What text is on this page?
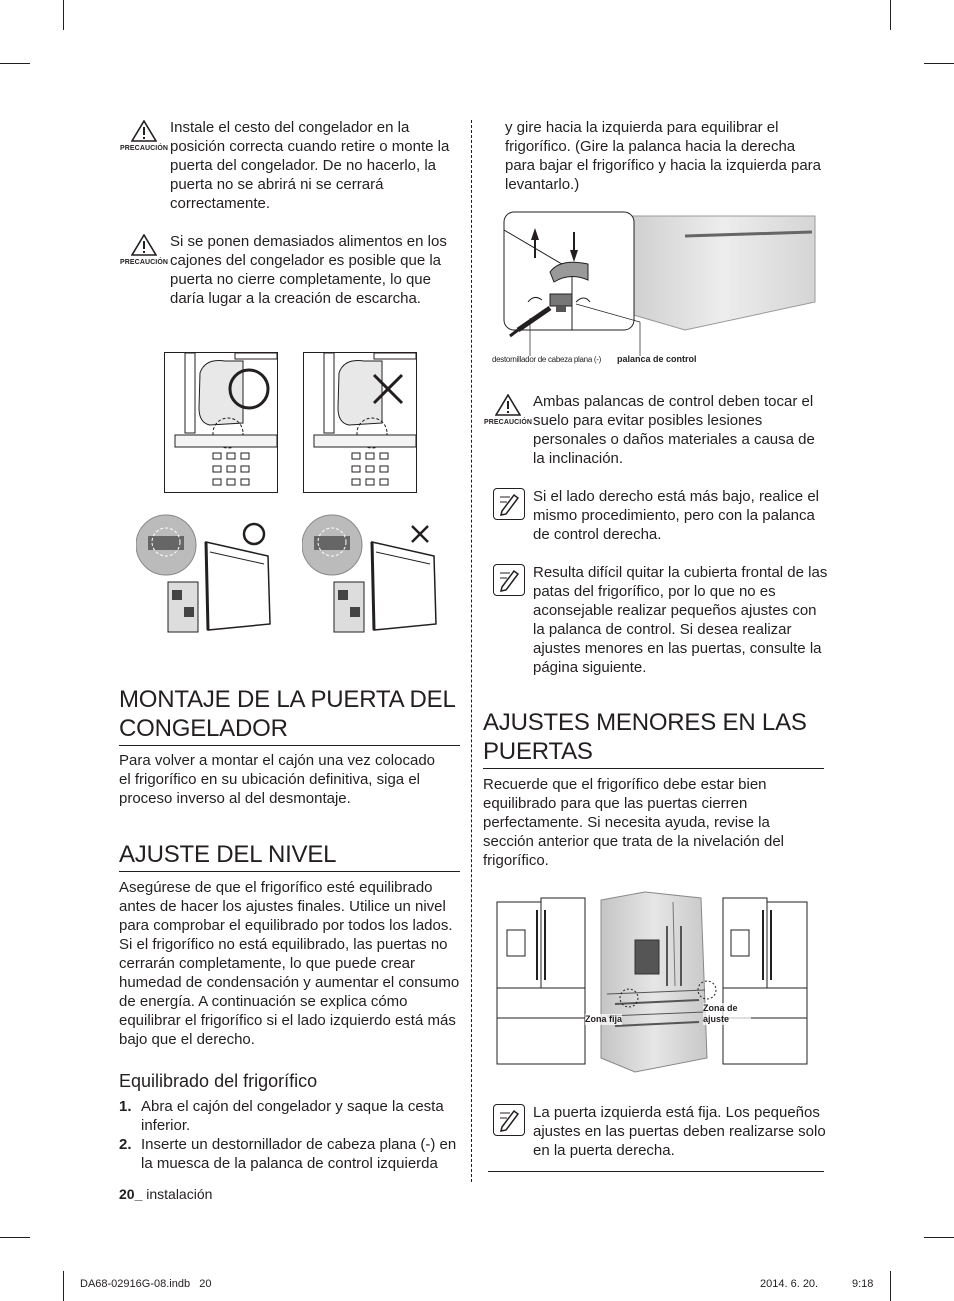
PRECAUCIÓN
Instale el cesto del congelador en la posición correcta cuando retire o monte la puerta del congelador. De no hacerlo, la puerta no se abrirá ni se cerrará correctamente.
PRECAUCIÓN
Si se ponen demasiados alimentos en los cajones del congelador es posible que la puerta no cierre completamente, lo que daría lugar a la creación de escarcha.
MONTAJE DE LA PUERTA DEL CONGELADOR
Para volver a montar el cajón una vez colocado el frigorífico en su ubicación definitiva, siga el proceso inverso al del desmontaje.
AJUSTE DEL NIVEL
Asegúrese de que el frigorífico esté equilibrado antes de hacer los ajustes finales. Utilice un nivel para comprobar el equilibrado por todos los lados. Si el frigorífico no está equilibrado, las puertas no cerrarán completamente, lo que puede crear humedad de condensación y aumentar el consumo de energía. A continuación se explica cómo equilibrar el frigorífico si el lado izquierdo está más bajo que el derecho.
Equilibrado del frigorífico
1. Abra el cajón del congelador y saque la cesta inferior.
2. Inserte un destornillador de cabeza plana (-) en la muesca de la palanca de control izquierda
20_ instalación
y gire hacia la izquierda para equilibrar el frigorífico. (Gire la palanca hacia la derecha para bajar el frigorífico y hacia la izquierda para levantarlo.)
destornillador de cabeza plana (-) palanca de control
PRECAUCIÓN
Ambas palancas de control deben tocar el suelo para evitar posibles lesiones personales o daños materiales a causa de la inclinación.
Si el lado derecho está más bajo, realice el mismo procedimiento, pero con la palanca de control derecha.
Resulta difícil quitar la cubierta frontal de las patas del frigorífico, por lo que no es aconsejable realizar pequeños ajustes con la palanca de control. Si desea realizar ajustes menores en las puertas, consulte la página siguiente.
AJUSTES MENORES EN LAS PUERTAS
Recuerde que el frigorífico debe estar bien equilibrado para que las puertas cierren perfectamente. Si necesita ayuda, revise la sección anterior que trata de la nivelación del frigorífico.
Zona fija
Zona de ajuste
La puerta izquierda está fija. Los pequeños ajustes en las puertas deben realizarse solo en la puerta derecha.
DA68-02916G-08.indb   20	2014. 6. 20.	9:18
